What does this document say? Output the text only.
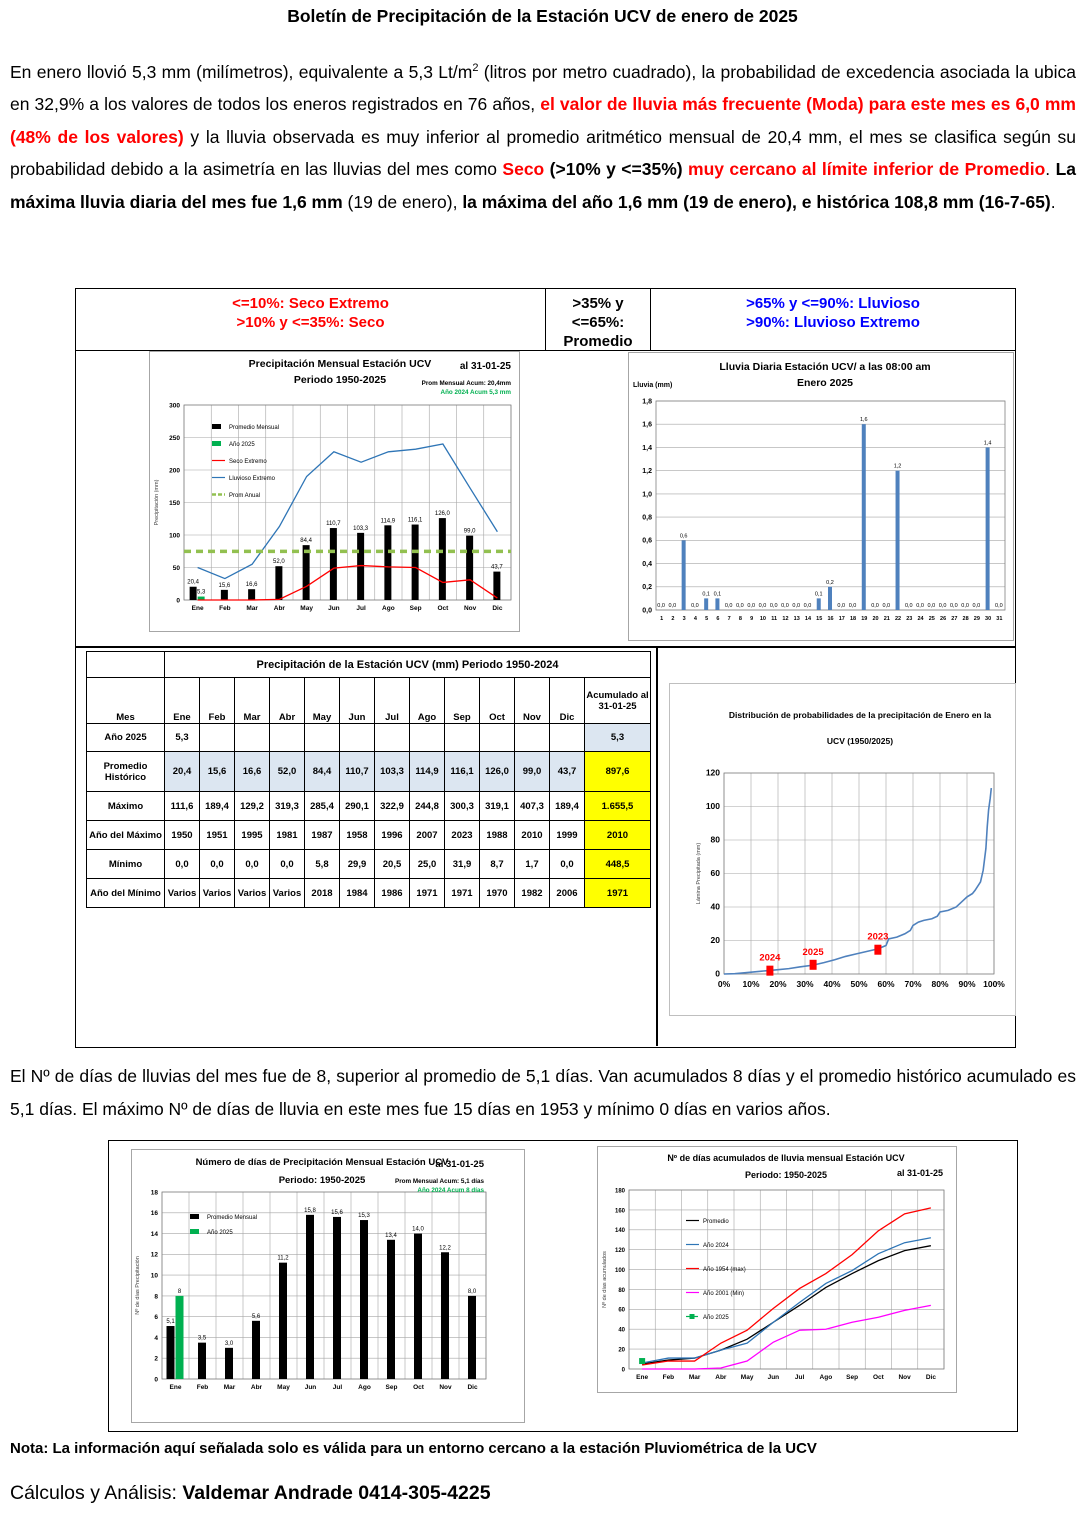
Boletín de Precipitación de la Estación UCV de enero de 2025

En enero llovió 5,3 mm (milímetros), equivalente a 5,3 $Lt/m^2$ (litros por metro cuadrado), la probabilidad de excedencia asociada la ubica en 32,9% a los valores de todos los eneros registrados en 76 años, el valor de lluvia más frecuente (Moda) para este mes es 6,0 mm (48% de los valores) y la lluvia observada es muy inferior al promedio aritmético mensual de 20,4 mm, el mes se clasifica según su probabilidad debido a la asimetría en las lluvias del mes como Seco (>10% y <=35%) muy cercano al límite inferior de Promedio. La máxima lluvia diaria del mes fue 1,6 mm (19 de enero), la máxima del año 1,6 mm (19 de enero), e histórica 108,8 mm (16-7-65).

<=10%: Seco Extremo
>10% y <=35%: Seco
>35% y
<=65%:
Promedio
>65% y <=90%: Lluvioso
>90%: Lluvioso Extremo
0
50
100
150
200
250
300
Ene Feb Mar Abr May Jun	Jul Ago Sep Oct Nov Dic
20,4
5,3
15,6	16,6
52,0
84,4
110,7
103,3
114,9 116,1
126,0
99,0
43,7
Promedio Mensual
Año 2025
Seco Extremo
Lluvioso Extremo
Prom Anual
Precipitación Mensual Estación UCV
Periodo 1950-2025
al 31-01-25
Prom Mensual Acum: 20,4mm
Año 2024 Acum 5,3 mm
Precipitación (mm)
0,0
0,2
0,4
0,6
0,8
1,0
1,2
1,4
1,6
1,8
1 2 3 4 5 6 7 8 9 10 11 12 13 14 15 16 17 18 19 20 21 22 23 24 25 26 27 28 29 30 31
0,0 0,0
0,6
0,0
0,1 0,1
0,0 0,0 0,0 0,0 0,0 0,0 0,0 0,0
0,1
0,2
0,0 0,0
1,6
0,0 0,0
1,2
0,0 0,0 0,0 0,0 0,0 0,0 0,0
1,4
0,0
Lluvia Diaria Estación UCV/ a las 08:00 am
Enero 2025
Lluvia (mm)
	Precipitación de la Estación UCV (mm) Periodo 1950-2024												
Mes	Ene	Feb	Mar	Abr	May	Jun	Jul	Ago	Sep	Oct	Nov	Dic	Acumulado al 31-01-25
Año 2025	5,3												5,3
Promedio Histórico	20,4	15,6	16,6	52,0	84,4	110,7	103,3	114,9	116,1	126,0	99,0	43,7	897,6
Máximo	111,6	189,4	129,2	319,3	285,4	290,1	322,9	244,8	300,3	319,1	407,3	189,4	1.655,5
Año del Máximo	1950	1951	1995	1981	1987	1958	1996	2007	2023	1988	2010	1999	2010
Mínimo	0,0	0,0	0,0	0,0	5,8	29,9	20,5	25,0	31,9	8,7	1,7	0,0	448,5
Año del Mínimo	Varios	Varios	Varios	Varios	2018	1984	1986	1971	1971	1970	1982	2006	1971
0
20
40
60
80
100
120
0% 10% 20% 30% 40% 50% 60% 70% 80% 90% 100%
2024
2025
2023
Distribución de probabilidades de la precipitación de Enero en la
UCV (1950/2025)
Lámina Precipitada (mm)

El Nº de días de lluvias del mes fue de 8, superior al promedio de 5,1 días. Van acumulados 8 días y el promedio histórico acumulado es 5,1 días. El máximo Nº de días de lluvia en este mes fue 15 días en 1953 y mínimo 0 días en varios años.

0
2
4
6
8
10
12
14
16
18
Ene Feb Mar Abr May Jun	Jul Ago Sep Oct Nov Dic
5,1
8
3,5
3,0
5,6
11,2
15,8	15,6
15,3
13,4
14,0
12,2
8,0
Promedio Mensual
Año 2025
Número de días de Precipitación Mensual Estación UCV
Periodo: 1950-2025
al 31-01-25
Prom Mensual Acum: 5,1 días
Año 2024 Acum 8 días
Nº de días Precipitación
0
20
40
60
80
100
120
140
160
180
Ene Feb Mar Abr May Jun Jul Ago Sep Oct Nov Dic
Promedio
Año 2024
Año 1954 (max)
Año 2001 (Min)
Año 2025
Nº de días acumulados de lluvia mensual Estación UCV
Periodo: 1950-2025	al 31-01-25
Nº de días acumulados

Nota: La información aquí señalada solo es válida para un entorno cercano a la estación Pluviométrica de la UCV

Cálculos y Análisis: Valdemar Andrade 0414-305-4225
